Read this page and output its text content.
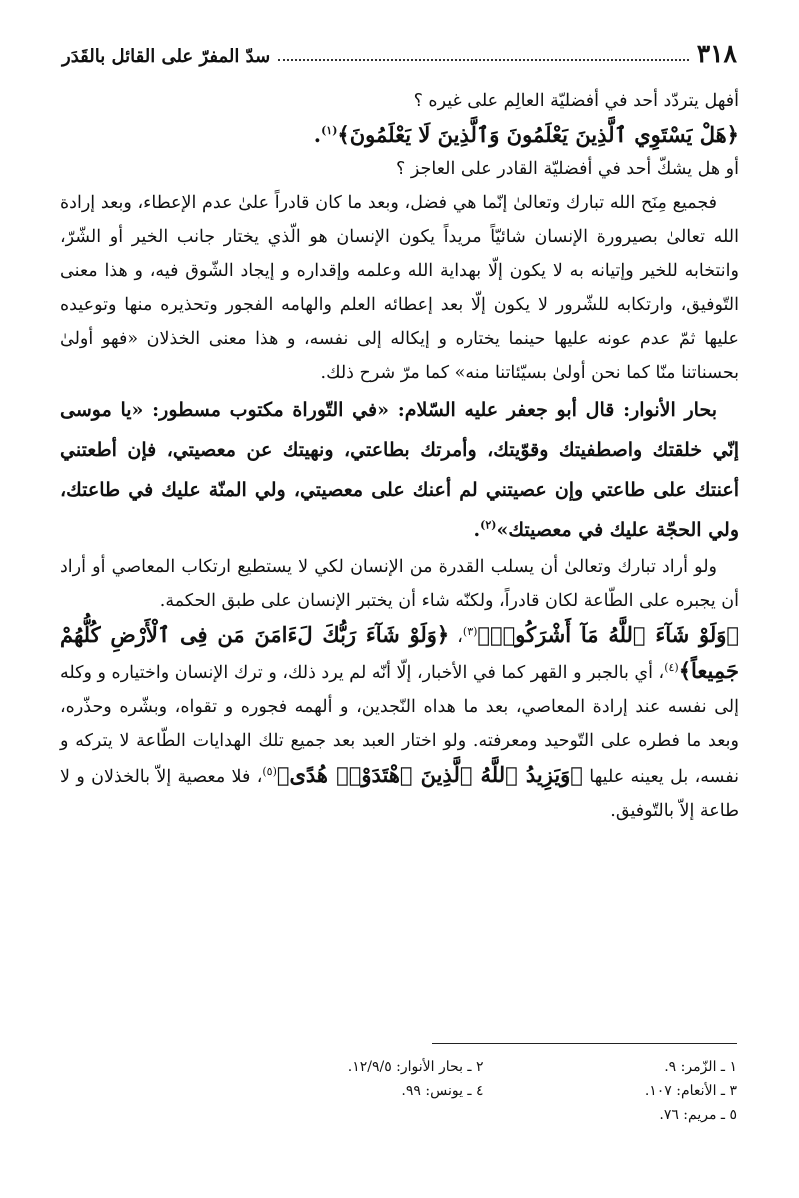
٣١٨
سدّ المفرّ على القائل بالقَدَر

أفهل يتردّد أحد في أفضليّة العالِم على غيره ؟
﴿هَلْ يَسْتَوِي ٱلَّذِينَ يَعْلَمُونَ وَٱلَّذِينَ لَا يَعْلَمُونَ﴾$^{(١)}$.
أو هل يشكّ أحد في أفضليّة القادر على العاجز ؟

فجميع مِنَح الله تبارك وتعالىٰ إنّما هي فضل، وبعد ما كان قادراً علىٰ عدم الإعطاء، وبعد إرادة الله تعالىٰ بصيرورة الإنسان شائيّاً مريداً يكون الإنسان هو الّذي يختار جانب الخير أو الشّرّ، وانتخابه للخير وإتيانه به لا يكون إلّا بهداية الله وعلمه وإقداره و إيجاد الشّوق فيه، و هذا معنى التّوفيق، وارتكابه للشّرور لا يكون إلّا بعد إعطائه العلم والهامه الفجور وتحذيره منها وتوعيده عليها ثمّ عدم عونه عليها حينما يختاره و إيكاله إلى نفسه، و هذا معنى الخذلان «فهو أولىٰ بحسناتنا منّا كما نحن أولىٰ بسيّئاتنا منه» كما مرّ شرح ذلك.

بحار الأنوار: قال أبو جعفر عليه السّلام: «في التّوراة مكتوب مسطور: «يا موسى إنّي خلقتك واصطفيتك وقوّيتك، وأمرتك بطاعتي، ونهيتك عن معصيتي، فإن أطعتني أعنتك على طاعتي وإن عصيتني لم أعنك على معصيتي، ولي المنّة عليك في طاعتك، ولي الحجّة عليك في معصيتك»$^{(٢)}$.

ولو أراد تبارك وتعالىٰ أن يسلب القدرة من الإنسان لكي لا يستطيع ارتكاب المعاصي أو أراد أن يجبره على الطّاعة لكان قادراً، ولكنّه شاء أن يختبر الإنسان على طبق الحكمة.

﴿وَلَوْ شَآءَ ٱللَّهُ مَآ أَشْرَكُوا۟﴾$^{(٣)}$، ﴿وَلَوْ شَآءَ رَبُّكَ لَءَامَنَ مَن فِى ٱلْأَرْضِ كُلُّهُمْ جَمِيعاً﴾$^{(٤)}$، أي بالجبر و القهر كما في الأخبار، إلّا أنّه لم يرد ذلك، و ترك الإنسان واختياره و وكله إلى نفسه عند إرادة المعاصي، بعد ما هداه النّجدين، و ألهمه فجوره و تقواه، وبشّره وحذّره، وبعد ما فطره على التّوحيد ومعرفته. ولو اختار العبد بعد جميع تلك الهدايات الطّاعة لا يتركه و نفسه، بل يعينه عليها ﴿وَيَزِيدُ ٱللَّهُ ٱلَّذِينَ ٱهْتَدَوْا۟ هُدًى﴾$^{(٥)}$، فلا معصية إلاّ بالخذلان و لا طاعة إلاّ بالتّوفيق.

١ ـ الزّمر: ٩.
٢ ـ بحار الأنوار: ١٢/٩/٥.
٣ ـ الأنعام: ١٠٧.
٤ ـ يونس: ٩٩.
٥ ـ مريم: ٧٦.
